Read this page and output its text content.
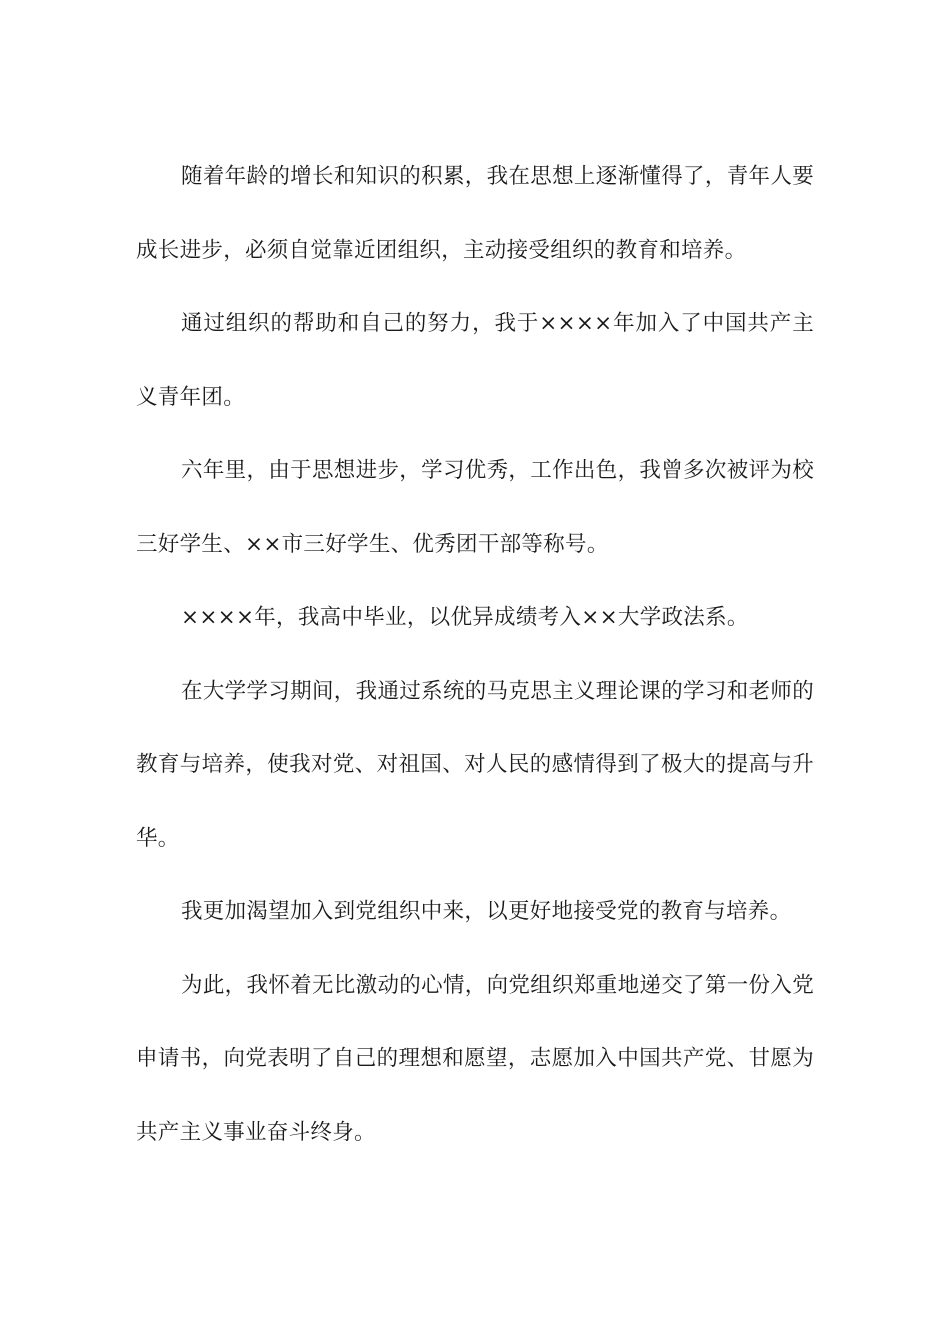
随着年龄的增长和知识的积累，我在思想上逐渐懂得了，青年人要成长进步，必须自觉靠近团组织，主动接受组织的教育和培养。

通过组织的帮助和自己的努力，我于××××年加入了中国共产主义青年团。

六年里，由于思想进步，学习优秀，工作出色，我曾多次被评为校三好学生、××市三好学生、优秀团干部等称号。

××××年，我高中毕业，以优异成绩考入××大学政法系。

在大学学习期间，我通过系统的马克思主义理论课的学习和老师的教育与培养，使我对党、对祖国、对人民的感情得到了极大的提高与升华。

我更加渴望加入到党组织中来，以更好地接受党的教育与培养。

为此，我怀着无比激动的心情，向党组织郑重地递交了第一份入党申请书，向党表明了自己的理想和愿望，志愿加入中国共产党、甘愿为共产主义事业奋斗终身。
